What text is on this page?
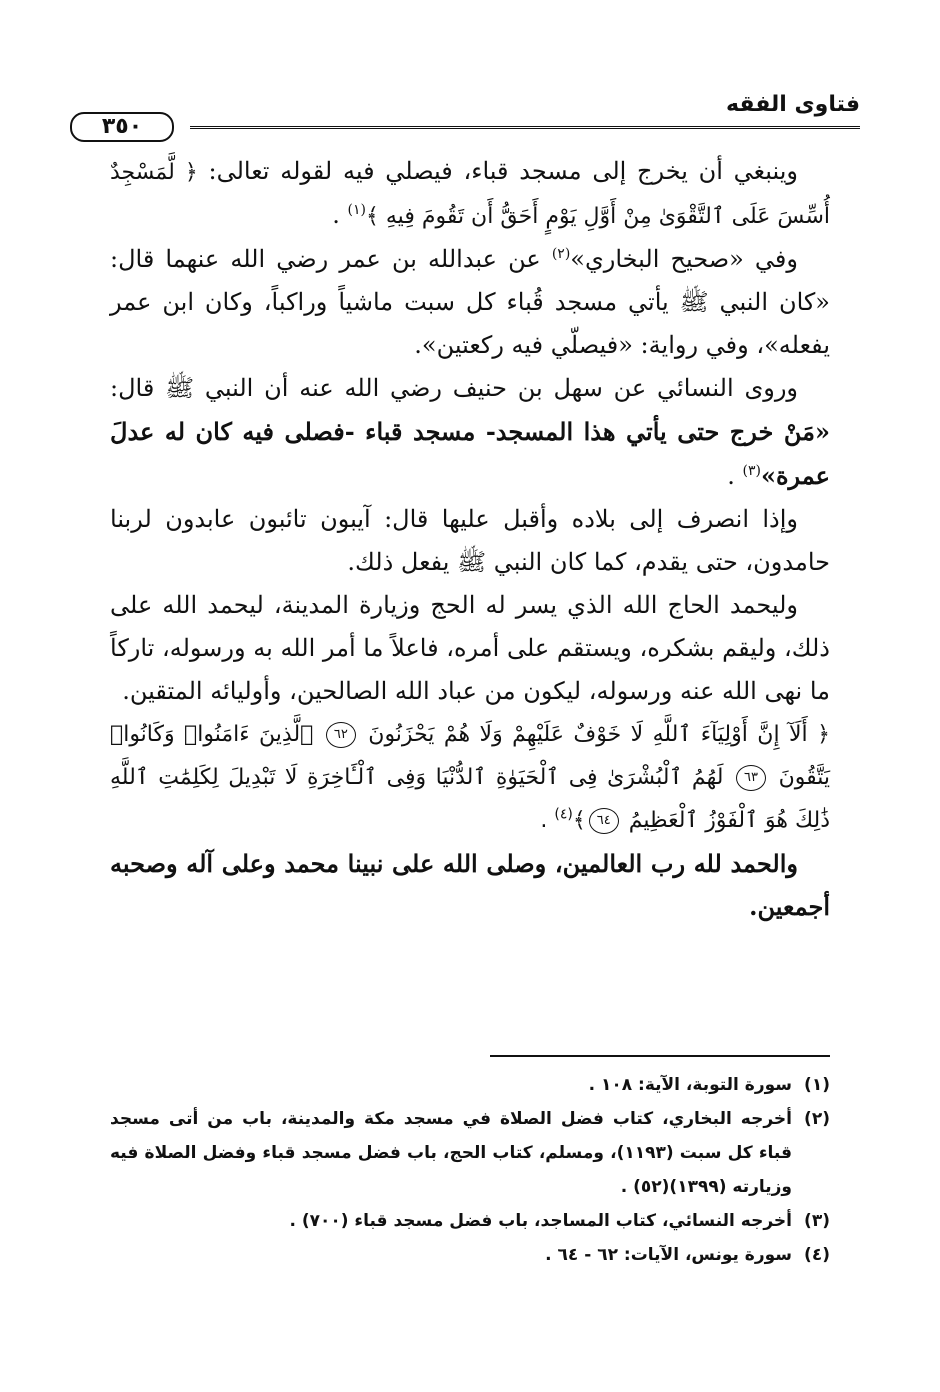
فتاوى الفقه
٣٥٠

وينبغي أن يخرج إلى مسجد قباء، فيصلي فيه لقوله تعالى: ﴿ لَّمَسْجِدٌ أُسِّسَ عَلَى ٱلتَّقْوَىٰ مِنْ أَوَّلِ يَوْمٍ أَحَقُّ أَن تَقُومَ فِيهِ ﴾$^{(١)}$ .

وفي «صحيح البخاري»$^{(٢)}$ عن عبدالله بن عمر رضي الله عنهما قال: «كان النبي ﷺ يأتي مسجد قُباء كل سبت ماشياً وراكباً، وكان ابن عمر يفعله»، وفي رواية: «فيصلّي فيه ركعتين».

وروى النسائي عن سهل بن حنيف رضي الله عنه أن النبي ﷺ قال: «مَنْ خرج حتى يأتي هذا المسجد- مسجد قباء -فصلى فيه كان له عدلَ عمرة»$^{(٣)}$ .

وإذا انصرف إلى بلاده وأقبل عليها قال: آيبون تائبون عابدون لربنا حامدون، حتى يقدم، كما كان النبي ﷺ يفعل ذلك.

وليحمد الحاج الله الذي يسر له الحج وزيارة المدينة، ليحمد الله على ذلك، وليقم بشكره، ويستقم على أمره، فاعلاً ما أمر الله به ورسوله، تاركاً ما نهى الله عنه ورسوله، ليكون من عباد الله الصالحين، وأوليائه المتقين.

﴿ أَلَآ إِنَّ أَوْلِيَآءَ ٱللَّهِ لَا خَوْفٌ عَلَيْهِمْ وَلَا هُمْ يَحْزَنُونَ ٦٢ ٱلَّذِينَ ءَامَنُوا۟ وَكَانُوا۟ يَتَّقُونَ ٦٣ لَهُمُ ٱلْبُشْرَىٰ فِى ٱلْحَيَوٰةِ ٱلدُّنْيَا وَفِى ٱلْـَٔاخِرَةِ لَا تَبْدِيلَ لِكَلِمَٰتِ ٱللَّهِ ذَٰلِكَ هُوَ ٱلْفَوْزُ ٱلْعَظِيمُ ٦٤﴾$^{(٤)}$ .

والحمد لله رب العالمين، وصلى الله على نبينا محمد وعلى آله وصحبه أجمعين.

(١)
سورة التوبة، الآية: ١٠٨ .

(٢)
أخرجه البخاري، كتاب فضل الصلاة في مسجد مكة والمدينة، باب من أتى مسجد قباء كل سبت (١١٩٣)، ومسلم، كتاب الحج، باب فضل مسجد قباء وفضل الصلاة فيه وزيارته (١٣٩٩)(٥٢) .

(٣)
أخرجه النسائي، كتاب المساجد، باب فضل مسجد قباء (٧٠٠) .

(٤)
سورة يونس، الآيات: ٦٢ - ٦٤ .
